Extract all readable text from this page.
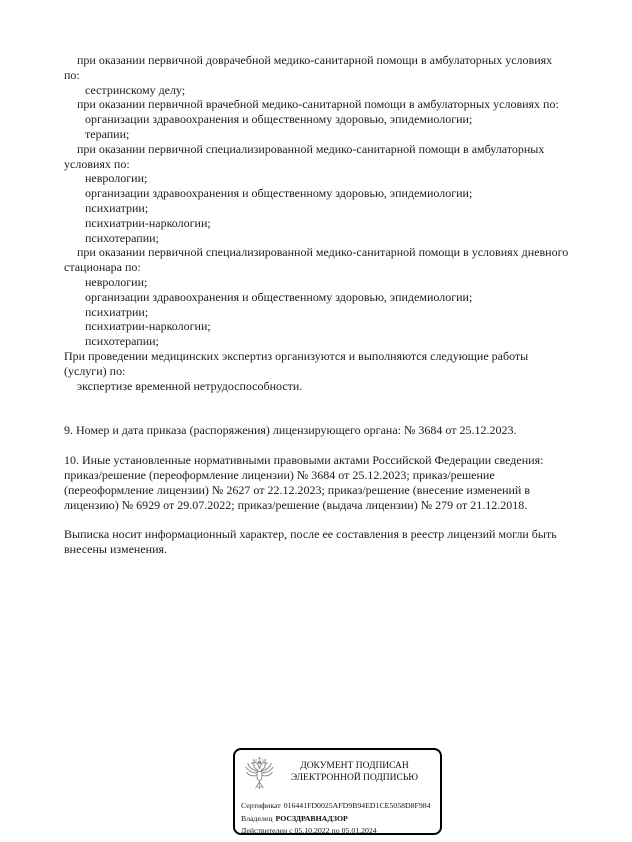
при оказании первичной доврачебной медико-санитарной помощи в амбулаторных условиях
по:
сестринскому делу;
при оказании первичной врачебной медико-санитарной помощи в амбулаторных условиях по:
организации здравоохранения и общественному здоровью, эпидемиологии;
терапии;
при оказании первичной специализированной медико-санитарной помощи в амбулаторных
условиях по:
неврологии;
организации здравоохранения и общественному здоровью, эпидемиологии;
психиатрии;
психиатрии-наркологии;
психотерапии;
при оказании первичной специализированной медико-санитарной помощи в условиях дневного
стационара по:
неврологии;
организации здравоохранения и общественному здоровью, эпидемиологии;
психиатрии;
психиатрии-наркологии;
психотерапии;
При проведении медицинских экспертиз организуются и выполняются следующие работы
(услуги) по:
экспертизе временной нетрудоспособности.
9. Номер и дата приказа (распоряжения) лицензирующего органа: № 3684 от 25.12.2023.
10. Иные установленные нормативными правовыми актами Российской Федерации сведения:
приказ/решение (переоформление лицензии) № 3684 от 25.12.2023; приказ/решение
(переоформление лицензии) № 2627 от 22.12.2023; приказ/решение (внесение изменений в
лицензию) № 6929 от 29.07.2022; приказ/решение (выдача лицензии) № 279 от 21.12.2018.
Выписка носит информационный характер, после ее составления в реестр лицензий могли быть
внесены изменения.
ДОКУМЕНТ ПОДПИСАН
ЭЛЕКТРОННОЙ ПОДПИСЬЮ
Сертификат 016441FD0025AFD9B94ED1CE5058D8F984
Владелец РОСЗДРАВНАДЗОР
Действителен с 05.10.2022 по 05.01.2024
